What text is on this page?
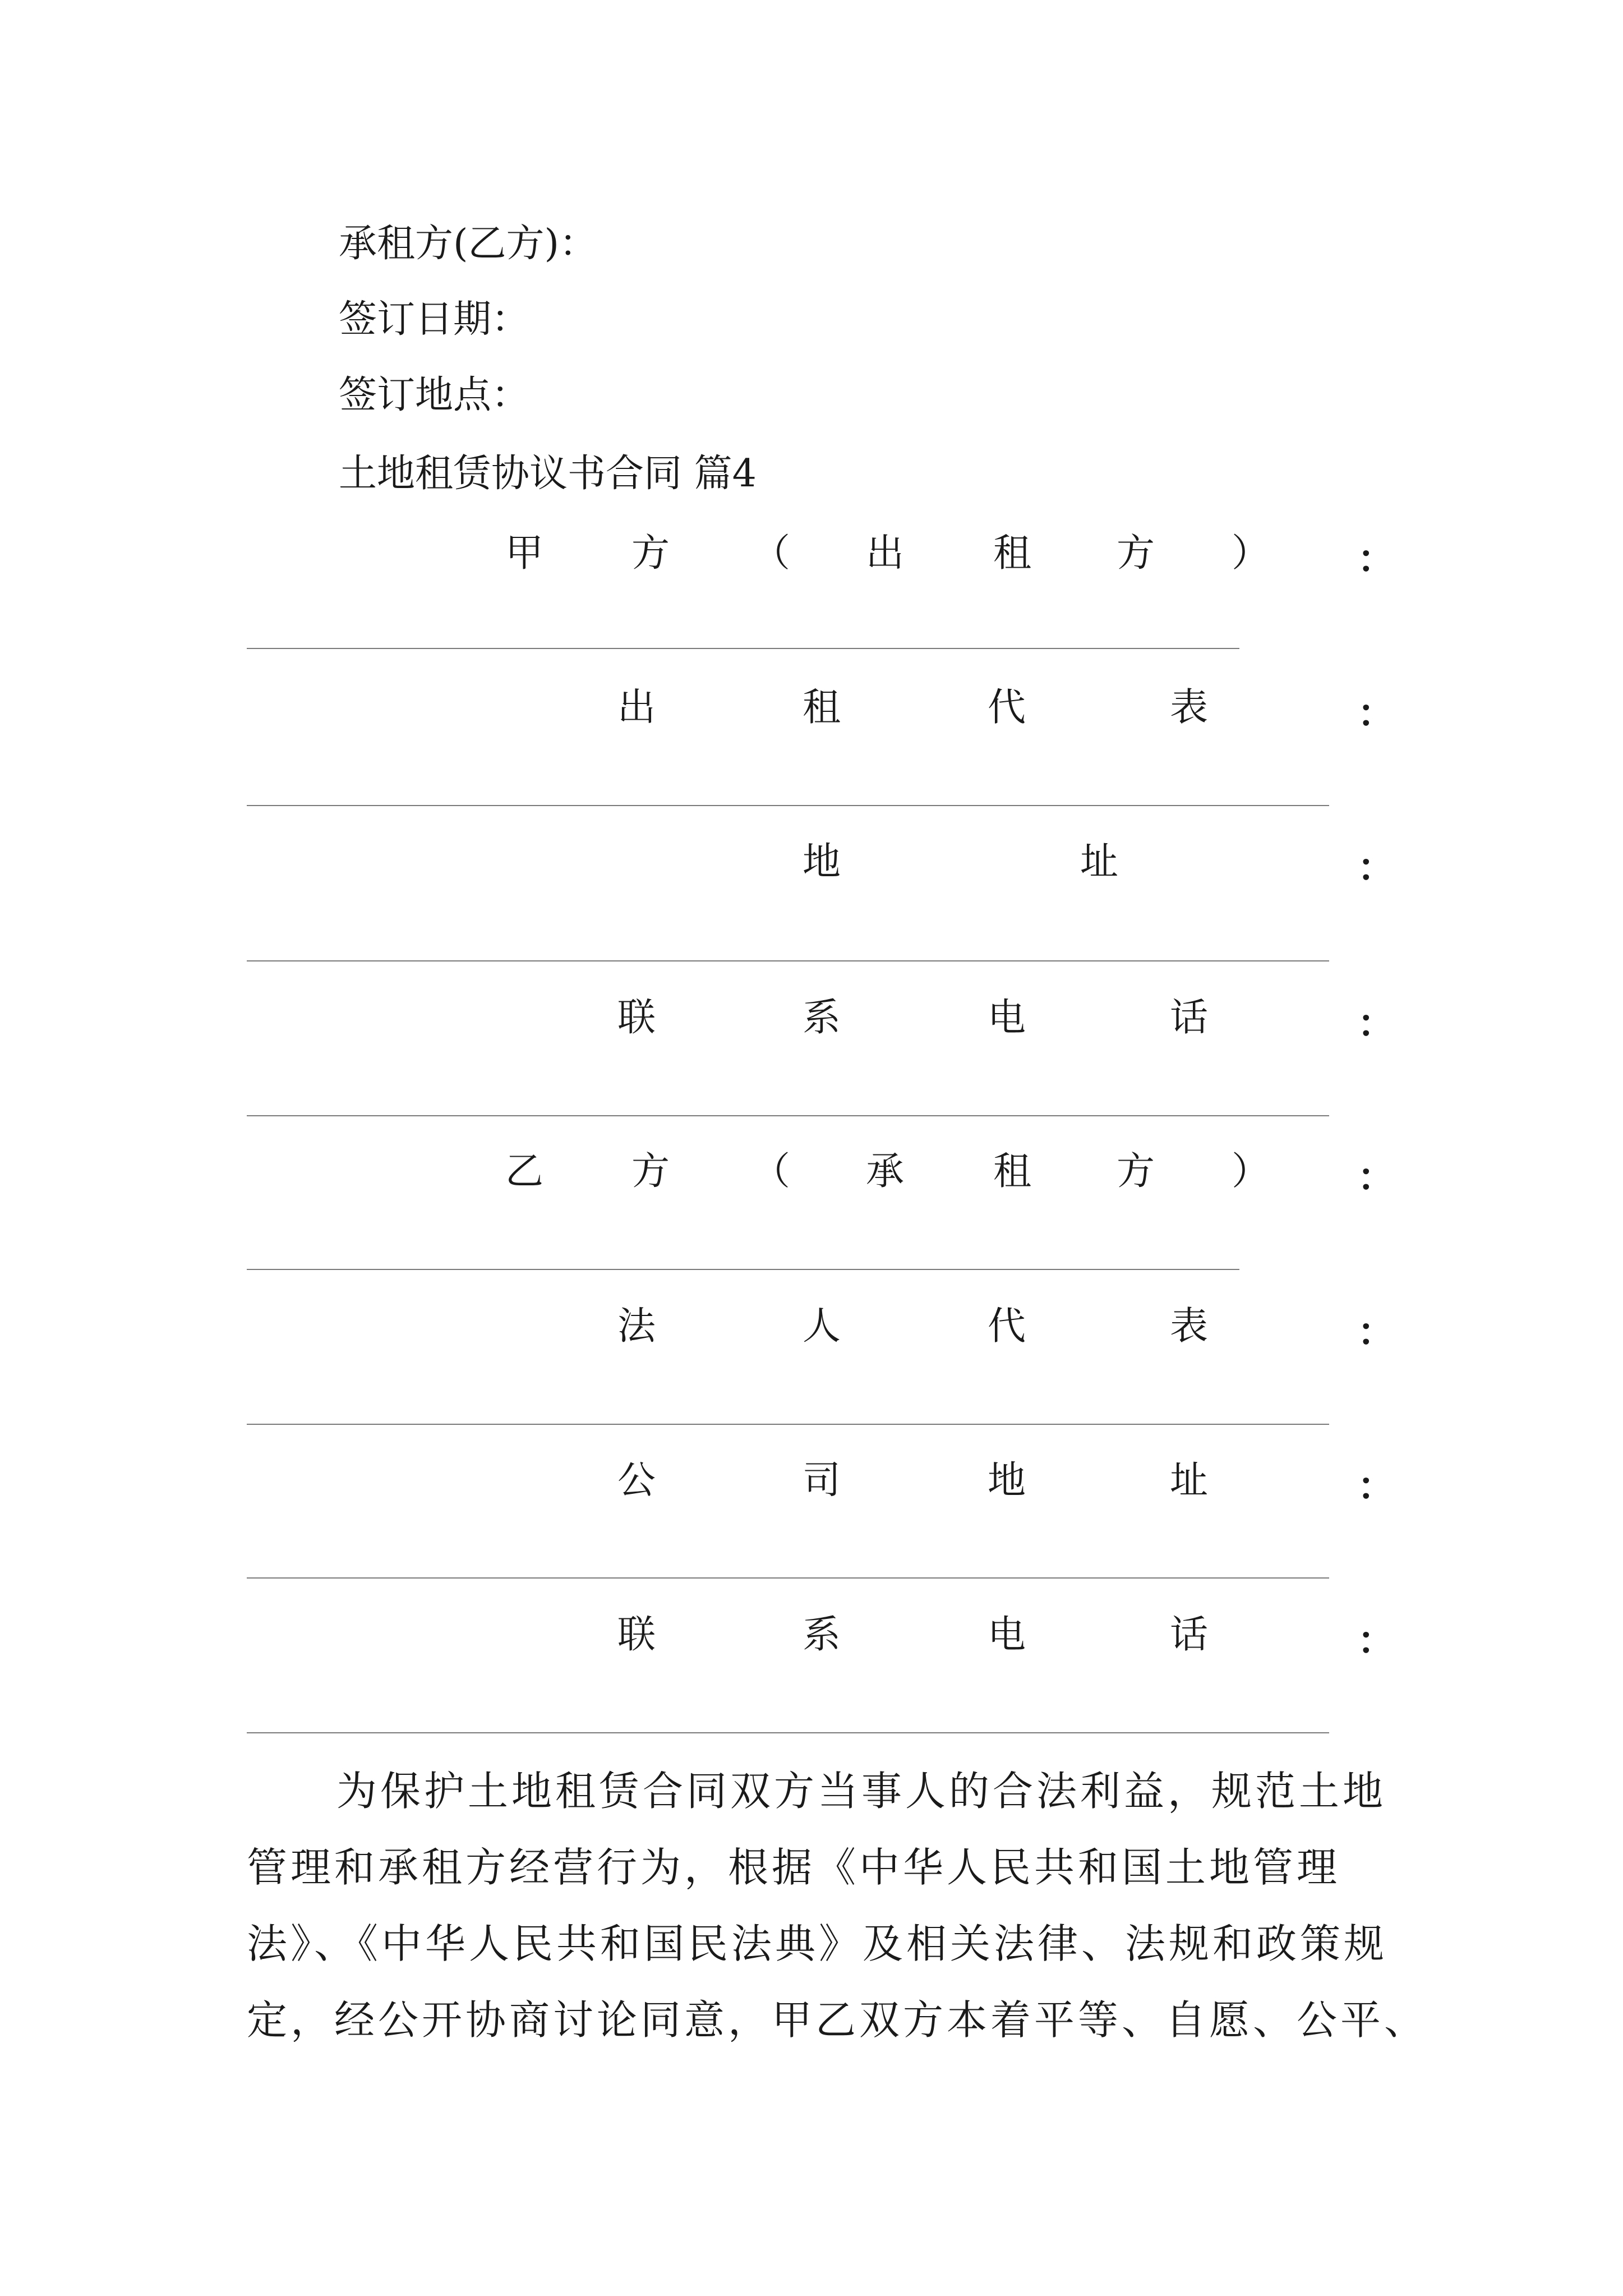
承租方(乙方)：
签订日期：
签订地点：
土地租赁协议书合同 篇4
甲 方 （ 出 租 方 ） ：
出	租	代	表	：
地	址	：
联	系	电	话	：
乙 方 （ 承 租 方 ） ：
法	人	代	表	：
公	司	地	址	：
联	系	电	话	：
为保护土地租赁合同双方当事人的合法利益，规范土地
管理和承租方经营行为，根据《中华人民共和国土地管理
法》、《中华人民共和国民法典》及相关法律、法规和政策规
定，经公开协商讨论同意，甲乙双方本着平等、自愿、公平、
